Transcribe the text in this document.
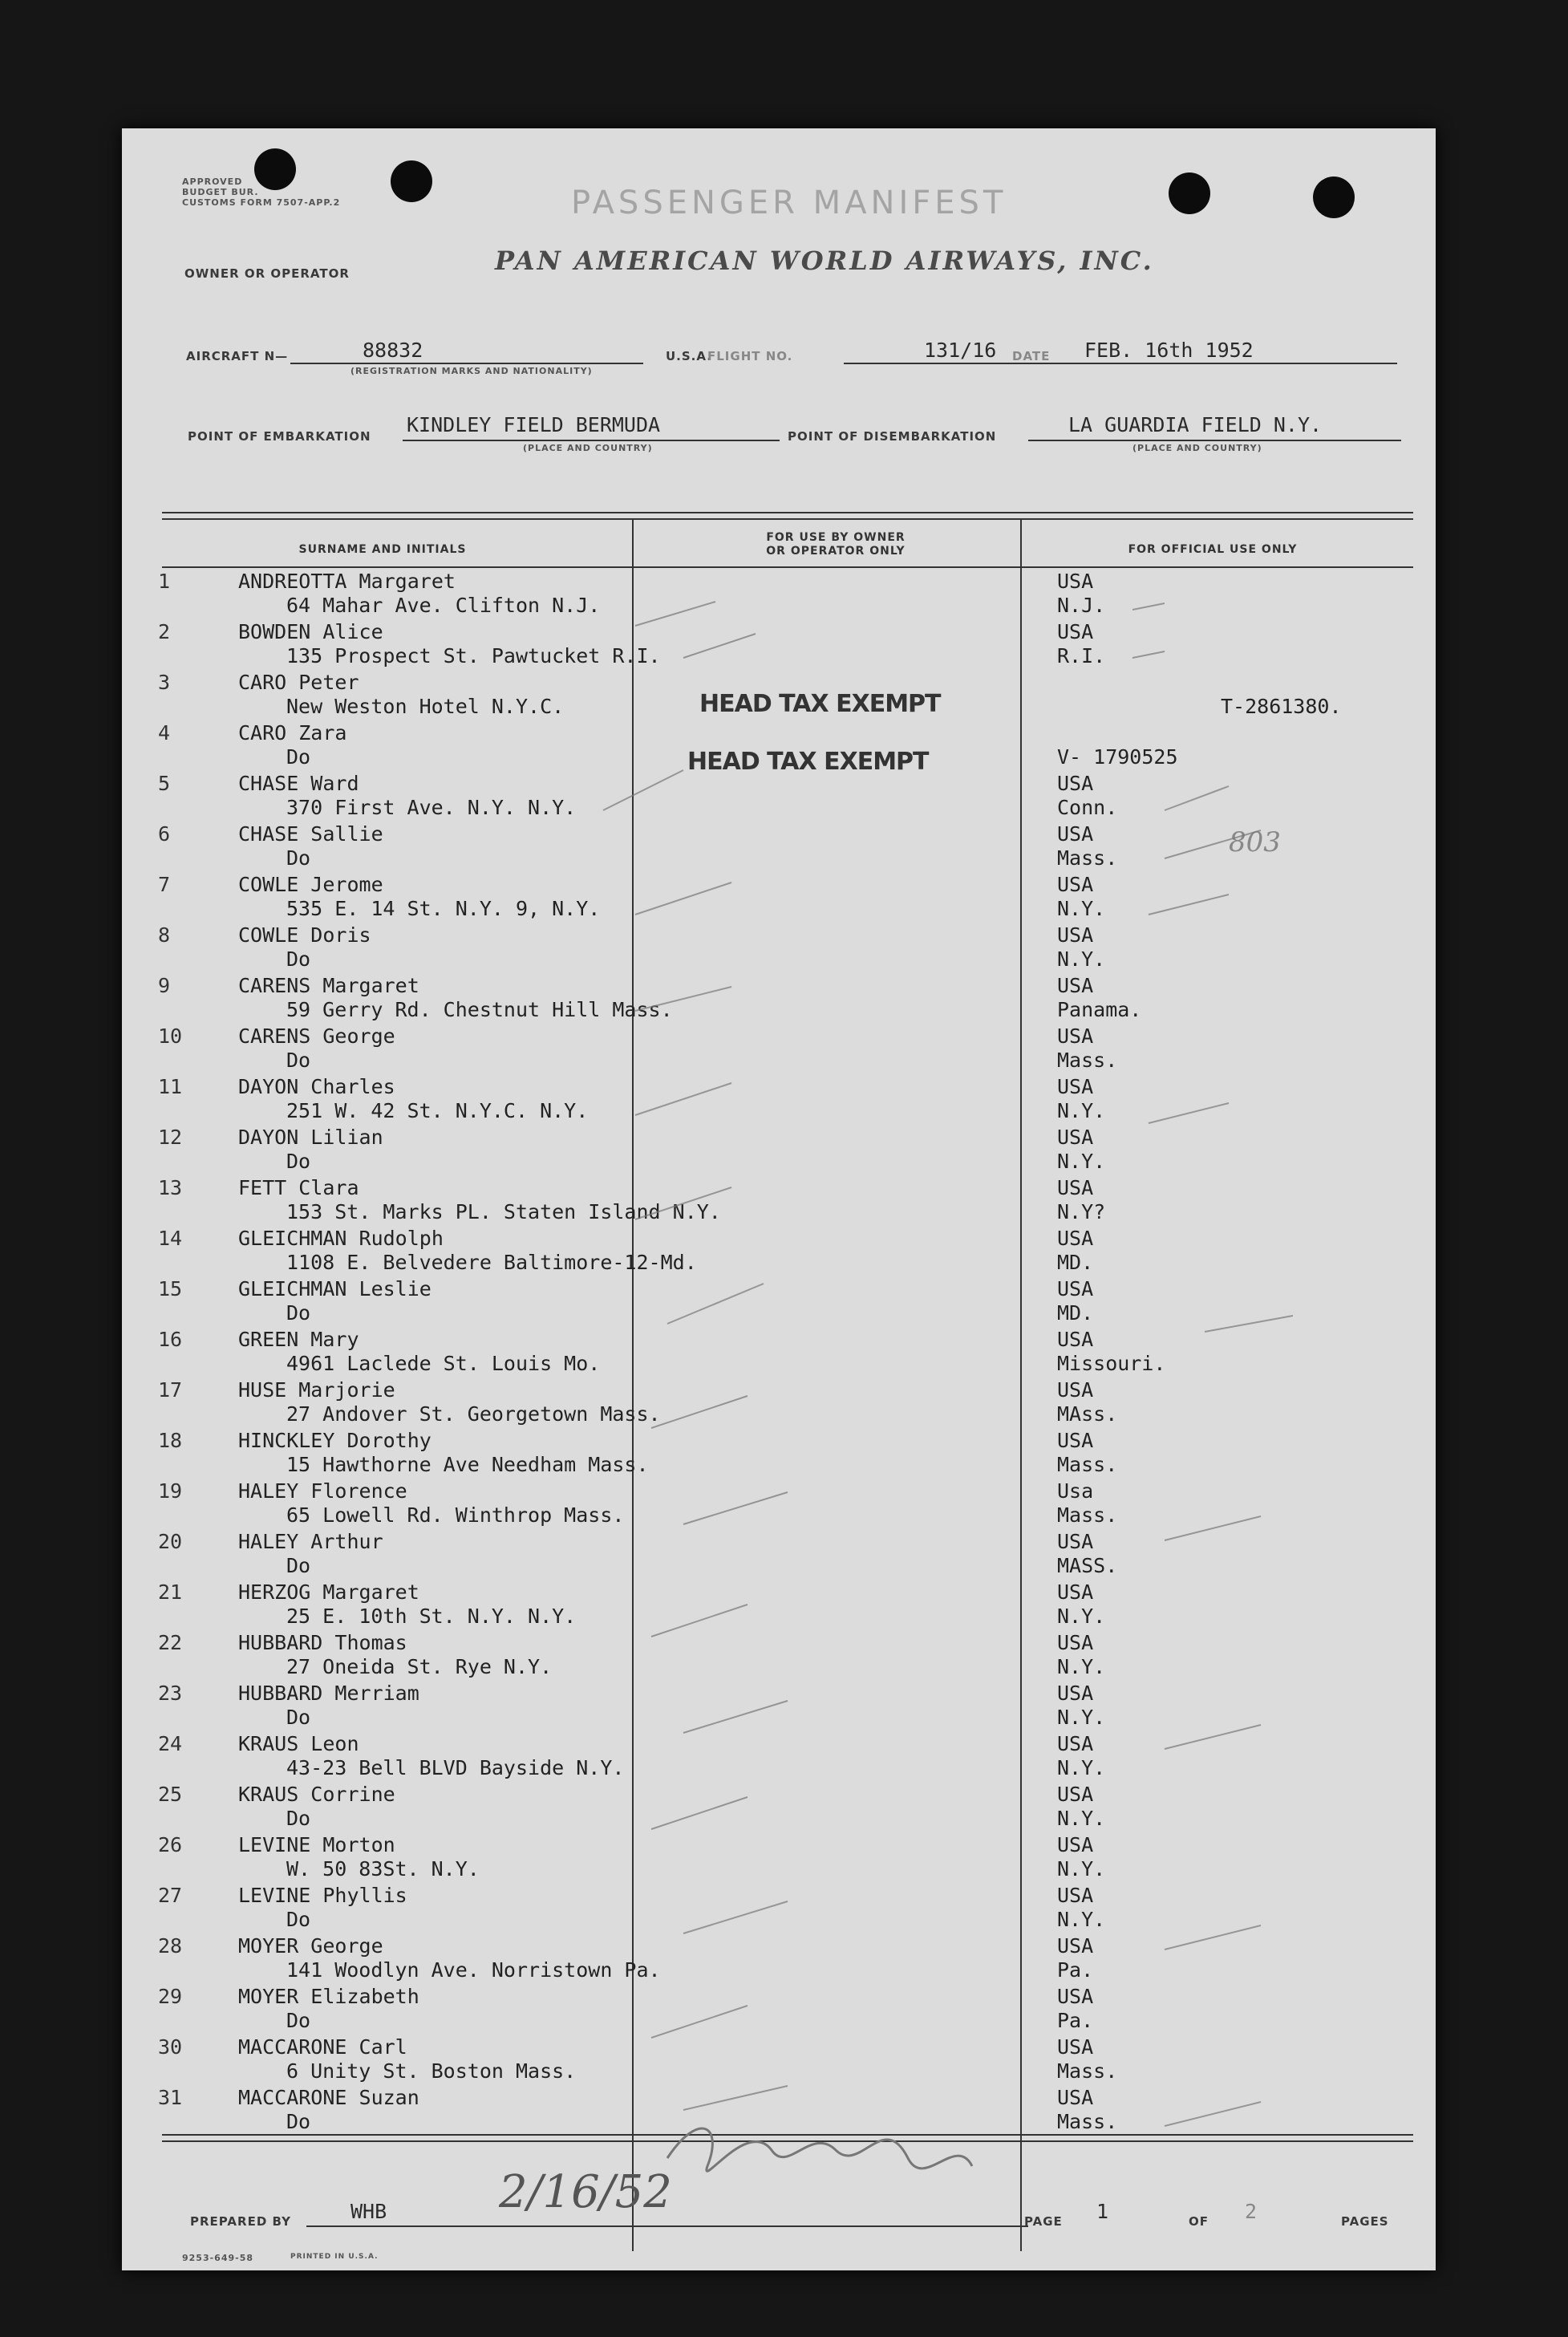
APPROVED
BUDGET BUR.
CUSTOMS FORM 7507-APP.2	PASSENGER MANIFEST
OWNER OR OPERATOR	PAN AMERICAN WORLD AIRWAYS, INC.
AIRCRAFT N—	88832
(REGISTRATION MARKS AND NATIONALITY)
U.S.A.
FLIGHT NO.	131/16 DATE FEB. 16th 1952
POINT OF EMBARKATION KINDLEY FIELD BERMUDA
(PLACE AND COUNTRY)
POINT OF DISEMBARKATION	LA GUARDIA FIELD N.Y.
(PLACE AND COUNTRY)
SURNAME AND INITIALS
FOR USE BY OWNER
OR OPERATOR ONLY	FOR OFFICIAL USE ONLY
1	ANDREOTTA Margaret
64 Mahar Ave. Clifton N.J.
USA
N.J.
2	BOWDEN Alice
135 Prospect St. Pawtucket R.I.
USA
R.I.
3	CARO Peter
New Weston Hotel N.Y.C.	T-2861380.
4	CARO Zara
Do	V- 1790525
5	CHASE Ward
370 First Ave. N.Y. N.Y.
USA
Conn.
6	CHASE Sallie
Do
USA
Mass.
7	COWLE Jerome
535 E. 14 St. N.Y. 9, N.Y.
USA
N.Y.
8	COWLE Doris
Do
USA
N.Y.
9	CARENS Margaret
59 Gerry Rd. Chestnut Hill Mass.
USA
Panama.
10	CARENS George
Do
USA
Mass.
11	DAYON Charles
251 W. 42 St. N.Y.C. N.Y.
USA
N.Y.
12	DAYON Lilian
Do
USA
N.Y.
13	FETT Clara
153 St. Marks PL. Staten Island N.Y.
USA
N.Y?
14	GLEICHMAN Rudolph
1108 E. Belvedere Baltimore-12-Md.
USA
MD.
15	GLEICHMAN Leslie
Do
USA
MD.
16	GREEN Mary
4961 Laclede St. Louis Mo.
USA
Missouri.
17	HUSE Marjorie
27 Andover St. Georgetown Mass.
USA
MAss.
18	HINCKLEY Dorothy
15 Hawthorne Ave Needham Mass.
USA
Mass.
19	HALEY Florence
65 Lowell Rd. Winthrop Mass.
Usa
Mass.
20	HALEY Arthur
Do
USA
MASS.
21	HERZOG Margaret
25 E. 10th St. N.Y. N.Y.
USA
N.Y.
22	HUBBARD Thomas
27 Oneida St. Rye N.Y.
USA
N.Y.
23	HUBBARD Merriam
Do
USA
N.Y.
24	KRAUS Leon
43-23 Bell BLVD Bayside N.Y.
USA
N.Y.
25	KRAUS Corrine
Do
USA
N.Y.
26	LEVINE Morton
W. 50 83St. N.Y.
USA
N.Y.
27	LEVINE Phyllis
Do
USA
N.Y.
28	MOYER George
141 Woodlyn Ave. Norristown Pa.
USA
Pa.
29	MOYER Elizabeth
Do
USA
Pa.
30	MACCARONE Carl
6 Unity St. Boston Mass.
USA
Mass.
31	MACCARONE Suzan
Do
USA
Mass.
HEAD TAX EXEMPT
HEAD TAX EXEMPT
803
PREPARED BY	WHB 2/16/52
PAGE 1	OF 2	PAGES
9253-649-58	PRINTED IN U.S.A.
